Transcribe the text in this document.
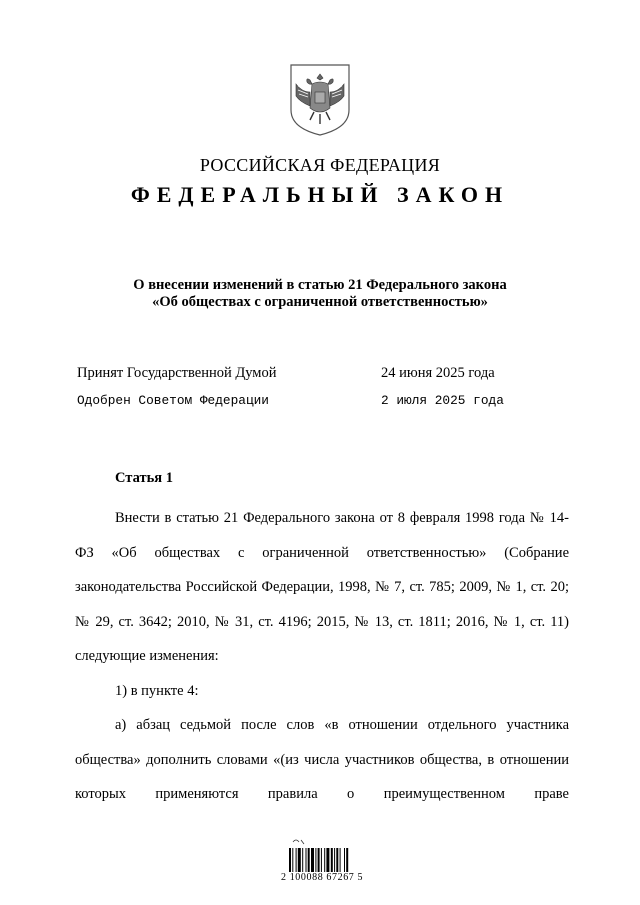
РОССИЙСКАЯ ФЕДЕРАЦИЯ
ФЕДЕРАЛЬНЫЙ ЗАКОН
О внесении изменений в статью 21 Федерального закона
«Об обществах с ограниченной ответственностью»
Принят Государственной Думой	24 июня 2025 года
Одобрен Советом Федерации	2 июля 2025 года
Статья 1

Внести в статью 21 Федерального закона от 8 февраля 1998 года № 14-ФЗ «Об обществах с ограниченной ответственностью» (Собрание законодательства Российской Федерации, 1998, № 7, ст. 785; 2009, № 1, ст. 20; № 29, ст. 3642; 2010, № 31, ст. 4196; 2015, № 13, ст. 1811; 2016, № 1, ст. 11) следующие изменения:

1) в пункте 4:

а) абзац седьмой после слов «в отношении отдельного участника общества» дополнить словами «(из числа участников общества, в отношении которых применяются правила о преимущественном праве

2 100088 67267 5
